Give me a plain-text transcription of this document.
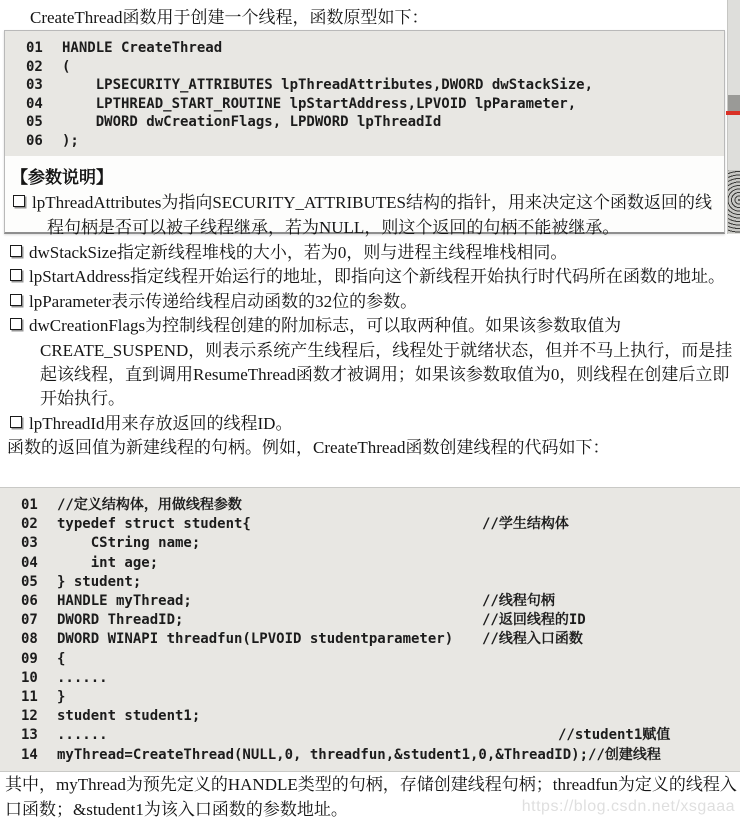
CreateThread函数用于创建一个线程，函数原型如下：
01 HANDLE CreateThread
02 (
03    LPSECURITY_ATTRIBUTES lpThreadAttributes,DWORD dwStackSize,
04    LPTHREAD_START_ROUTINE lpStartAddress,LPVOID lpParameter,
05    DWORD dwCreationFlags, LPDWORD lpThreadId
06 );
【参数说明】
lpThreadAttributes为指向SECURITY_ATTRIBUTES结构的指针，用来决定这个函数返回的线程句柄是否可以被子线程继承，若为NULL，则这个返回的句柄不能被继承。
dwStackSize指定新线程堆栈的大小，若为0，则与进程主线程堆栈相同。
lpStartAddress指定线程开始运行的地址，即指向这个新线程开始执行时代码所在函数的地址。
lpParameter表示传递给线程启动函数的32位的参数。
dwCreationFlags为控制线程创建的附加标志，可以取两种值。如果该参数取值为CREATE_SUSPEND，则表示系统产生线程后，线程处于就绪状态，但并不马上执行，而是挂起该线程，直到调用ResumeThread函数才被调用；如果该参数取值为0，则线程在创建后立即开始执行。
lpThreadId用来存放返回的线程ID。
函数的返回值为新建线程的句柄。例如，CreateThread函数创建线程的代码如下：
01 //定义结构体，用做线程参数
02 typedef struct student{	//学生结构体
03    CString name;
04    int age;
05 } student;
06 HANDLE myThread;	//线程句柄
07 DWORD ThreadID;	//返回线程的ID
08 DWORD WINAPI threadfun(LPVOID studentparameter) //线程入口函数
09 {
10 ......
11 }
12 student student1;
13 ......	//student1赋值
14 myThread=CreateThread(NULL,0, threadfun,&student1,0,&ThreadID);//创建线程
其中，myThread为预先定义的HANDLE类型的句柄，存储创建线程句柄；threadfun为定义的线程入口函数；&student1为该入口函数的参数地址。	https://blog.csdn.net/xsgaaa
